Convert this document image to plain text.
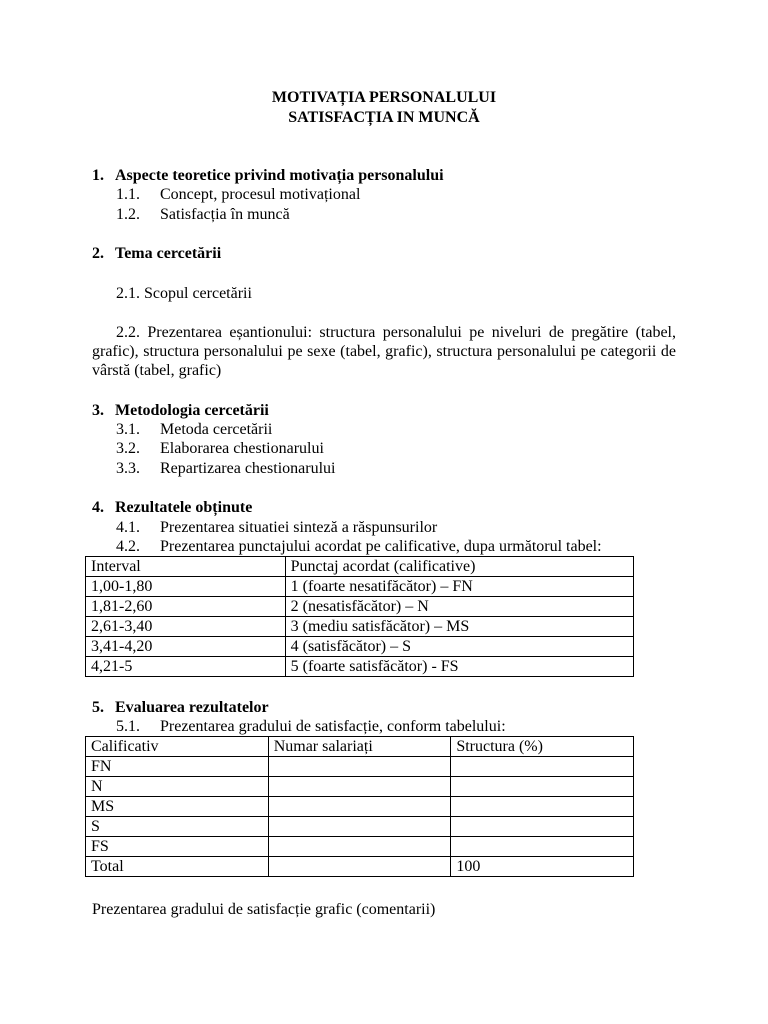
MOTIVAȚIA PERSONALULUI
SATISFACȚIA IN MUNCĂ
1. Aspecte teoretice privind motivația personalului
1.1. Concept, procesul motivațional
1.2. Satisfacția în muncă
2. Tema cercetării
2.1. Scopul cercetării
2.2. Prezentarea eșantionului: structura personalului pe niveluri de pregătire (tabel, grafic), structura personalului pe sexe (tabel, grafic), structura personalului pe categorii de vârstă (tabel, grafic)
3. Metodologia cercetării
3.1. Metoda cercetării
3.2. Elaborarea chestionarului
3.3. Repartizarea chestionarului
4. Rezultatele obținute
4.1. Prezentarea situatiei sinteză a răspunsurilor
4.2. Prezentarea punctajului acordat pe calificative, dupa următorul tabel:
Interval	Punctaj acordat (calificative)
1,00-1,80	1 (foarte nesatifăcător) – FN
1,81-2,60	2 (nesatisfăcător) – N
2,61-3,40	3 (mediu satisfăcător) – MS
3,41-4,20	4 (satisfăcător) – S
4,21-5	5 (foarte satisfăcător) - FS
5. Evaluarea rezultatelor
5.1. Prezentarea gradului de satisfacție, conform tabelului:
Calificativ	Numar salariați	Structura (%)
FN		
N		
MS		
S		
FS		
Total		100
Prezentarea gradului de satisfacție grafic (comentarii)
